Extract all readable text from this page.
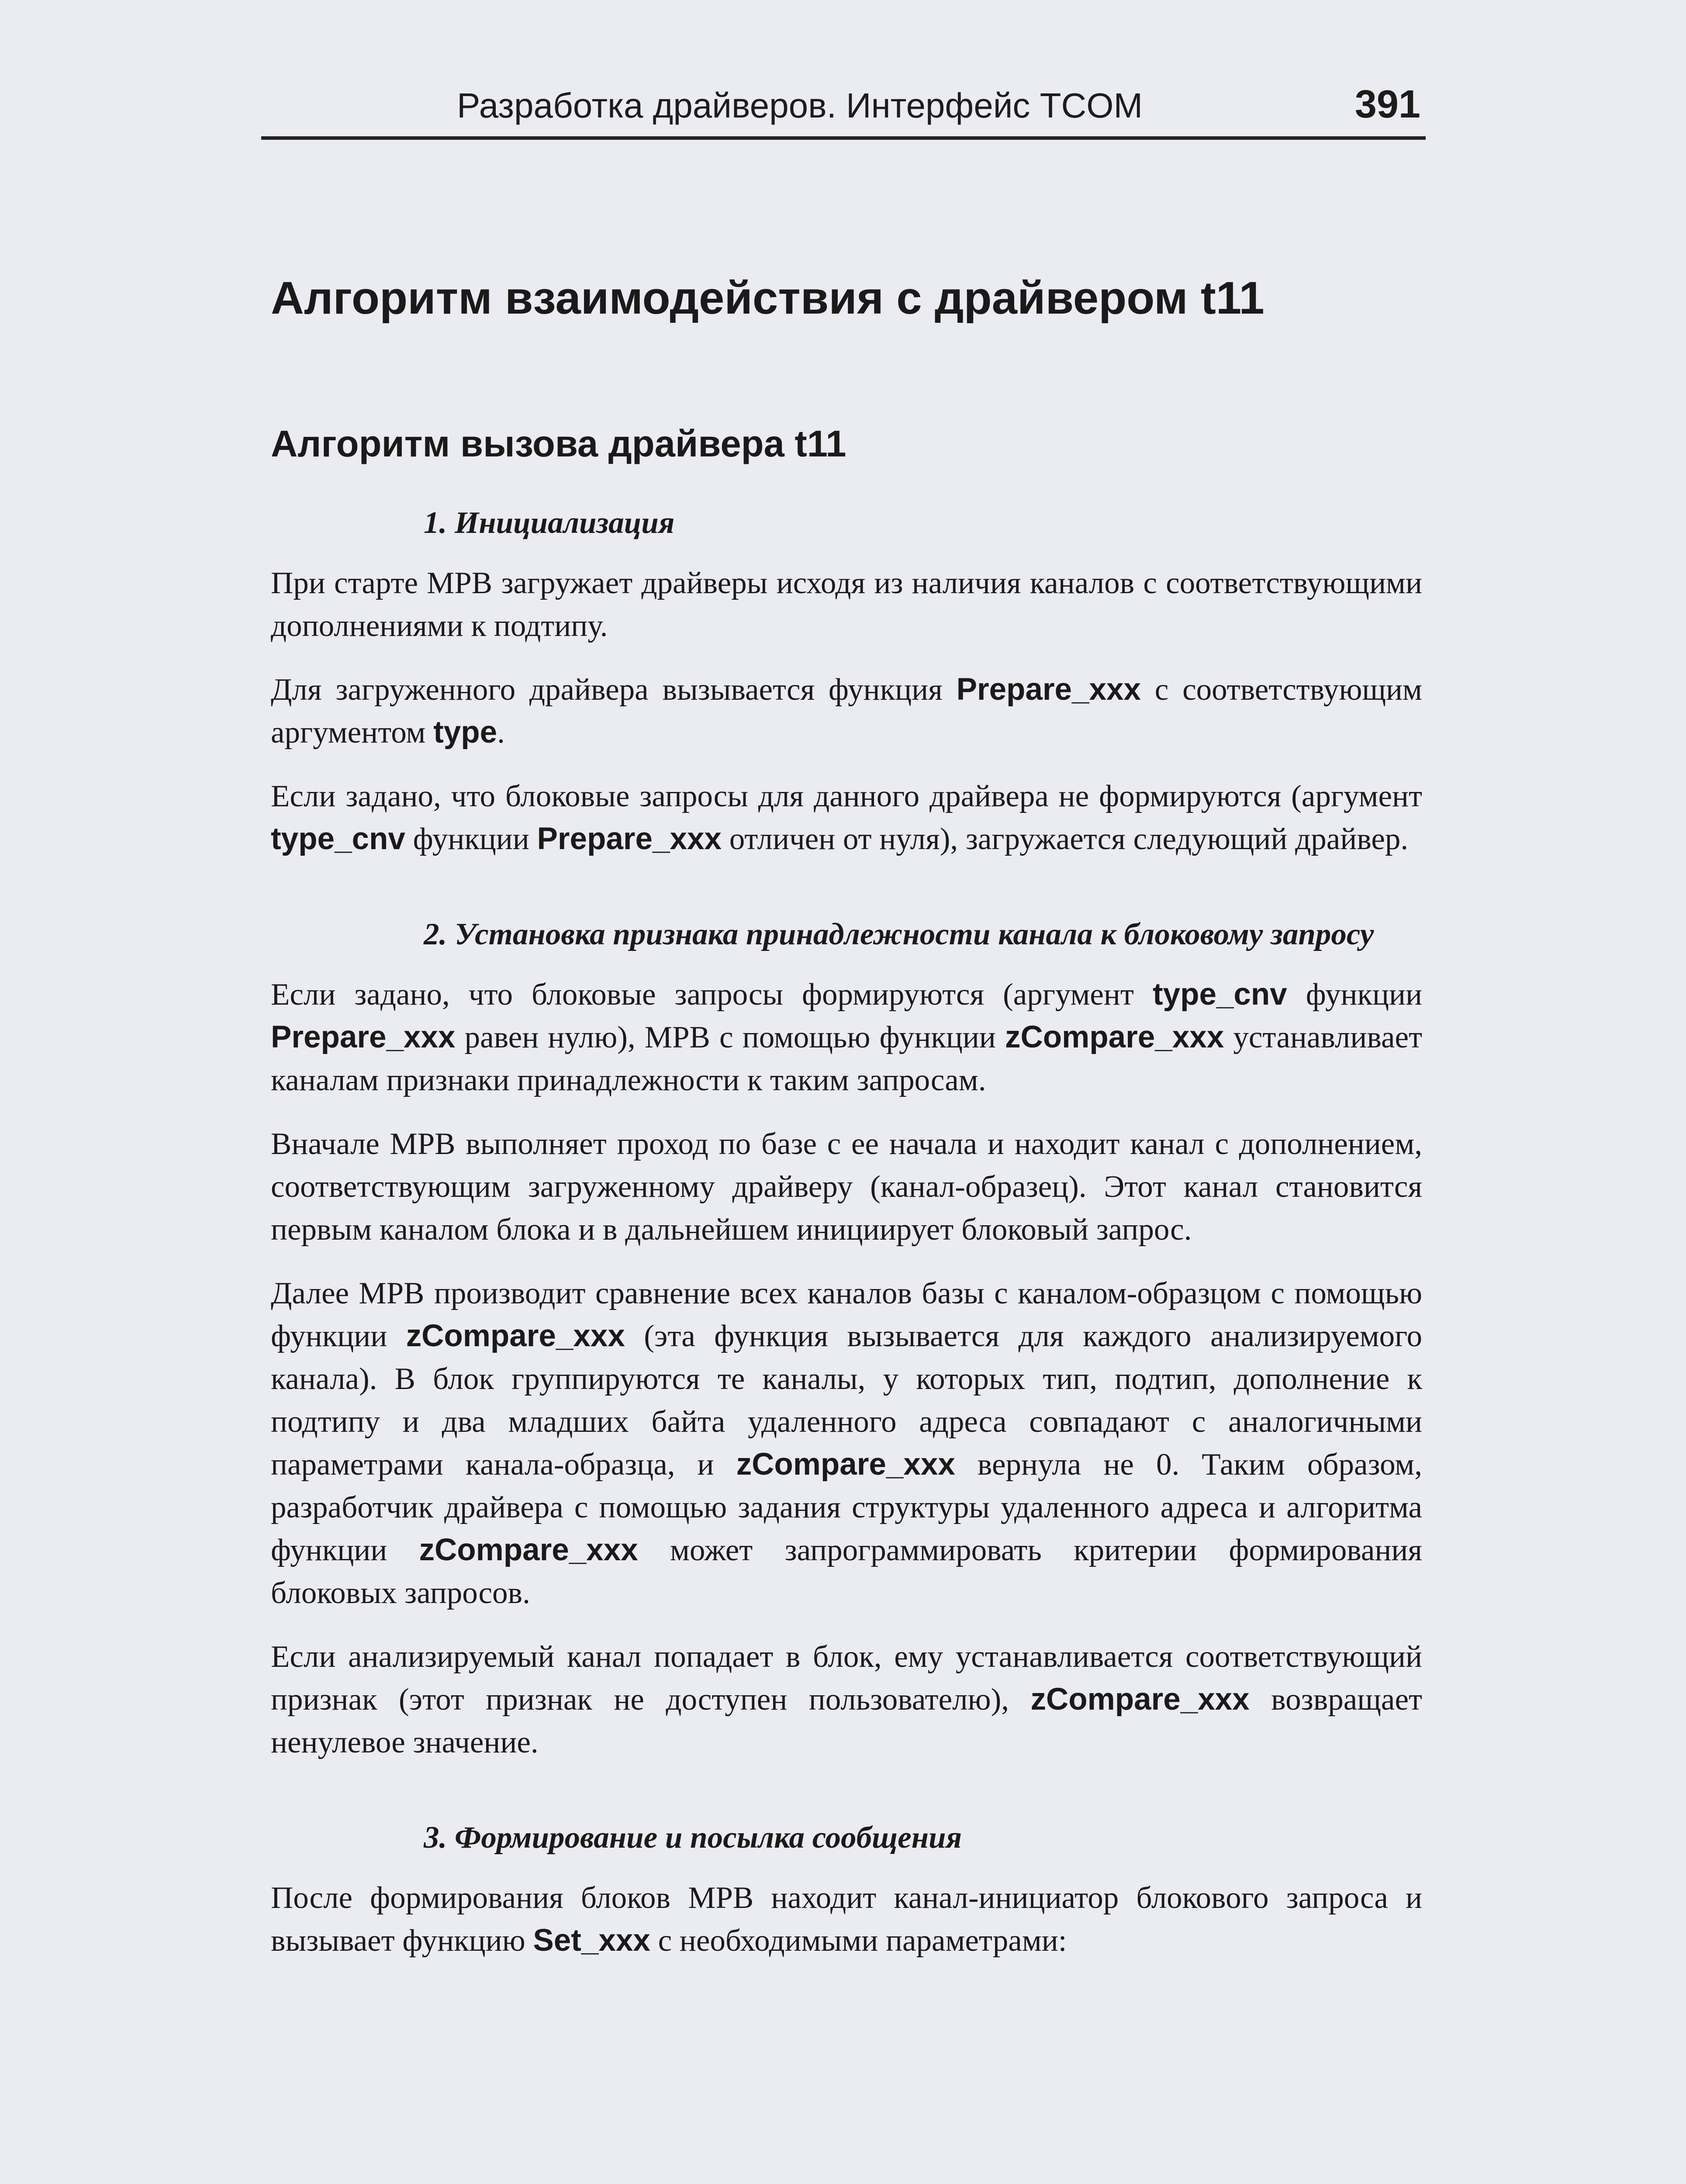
Разработка драйверов. Интерфейс TCOM	391
Алгоритм взаимодействия с драйвером t11
Алгоритм вызова драйвера t11
1. Инициализация

При старте МРВ загружает драйверы исходя из наличия каналов с соответствующими дополнениями к подтипу.

Для загруженного драйвера вызывается функция Prepare_xxx с соответствующим аргументом type.

Если задано, что блоковые запросы для данного драйвера не формируются (аргумент type_cnv функции Prepare_xxx отличен от нуля), загружается следующий драйвер.

2. Установка признака принадлежности канала к блоковому запросу

Если задано, что блоковые запросы формируются (аргумент type_cnv функции Prepare_xxx равен нулю), МРВ с помощью функции zCompare_xxx устанавливает каналам признаки принадлежности к таким запросам.

Вначале МРВ выполняет проход по базе с ее начала и находит канал с дополнением, соответствующим загруженному драйверу (канал-образец). Этот канал становится первым каналом блока и в дальнейшем инициирует блоковый запрос.

Далее МРВ производит сравнение всех каналов базы с каналом-образцом с помощью функции zCompare_xxx (эта функция вызывается для каждого анализируемого канала). В блок группируются те каналы, у которых тип, подтип, дополнение к подтипу и два младших байта удаленного адреса совпадают с аналогичными параметрами канала-образца, и zCompare_xxx вернула не 0. Таким образом, разработчик драйвера с помощью задания структуры удаленного адреса и алгоритма функции zCompare_xxx может запрограммировать критерии формирования блоковых запросов.

Если анализируемый канал попадает в блок, ему устанавливается соответствующий признак (этот признак не доступен пользователю), zCompare_xxx возвращает ненулевое значение.

3. Формирование и посылка сообщения

После формирования блоков МРВ находит канал-инициатор блокового запроса и вызывает функцию Set_xxx с необходимыми параметрами:
